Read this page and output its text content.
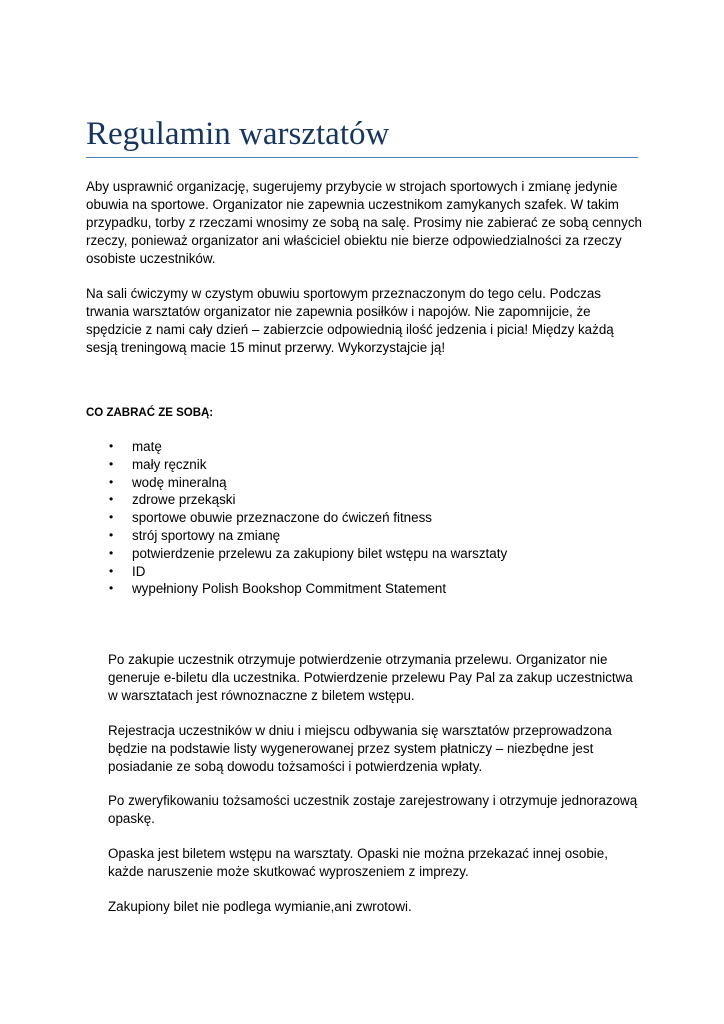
Regulamin warsztatów

Aby usprawnić organizację, sugerujemy przybycie w strojach sportowych i zmianę jedynie obuwia na sportowe. Organizator nie zapewnia uczestnikom zamykanych szafek. W takim przypadku, torby z rzeczami wnosimy ze sobą na salę. Prosimy nie zabierać ze sobą cennych rzeczy, ponieważ organizator ani właściciel obiektu nie bierze odpowiedzialności za rzeczy osobiste uczestników.

Na sali ćwiczymy w czystym obuwiu sportowym przeznaczonym do tego celu. Podczas trwania warsztatów organizator nie zapewnia posiłków i napojów. Nie zapomnijcie, że spędzicie z nami cały dzień – zabierzcie odpowiednią ilość jedzenia i picia! Między każdą sesją treningową macie 15 minut przerwy. Wykorzystajcie ją!

CO ZABRAĆ ZE SOBĄ:

• matę
• mały ręcznik
• wodę mineralną
• zdrowe przekąski
• sportowe obuwie przeznaczone do ćwiczeń fitness
• strój sportowy na zmianę
• potwierdzenie przelewu za zakupiony bilet wstępu na warsztaty
• ID
• wypełniony Polish Bookshop Commitment Statement

Po zakupie uczestnik otrzymuje potwierdzenie otrzymania przelewu. Organizator nie generuje e-biletu dla uczestnika. Potwierdzenie przelewu Pay Pal za zakup uczestnictwa w warsztatach jest równoznaczne z biletem wstępu.

Rejestracja uczestników w dniu i miejscu odbywania się warsztatów przeprowadzona będzie na podstawie listy wygenerowanej przez system płatniczy – niezbędne jest posiadanie ze sobą dowodu tożsamości i potwierdzenia wpłaty.

Po zweryfikowaniu tożsamości uczestnik zostaje zarejestrowany i otrzymuje jednorazową opaskę.

Opaska jest biletem wstępu na warsztaty. Opaski nie można przekazać innej osobie, każde naruszenie może skutkować wyproszeniem z imprezy.

Zakupiony bilet nie podlega wymianie,ani zwrotowi.
